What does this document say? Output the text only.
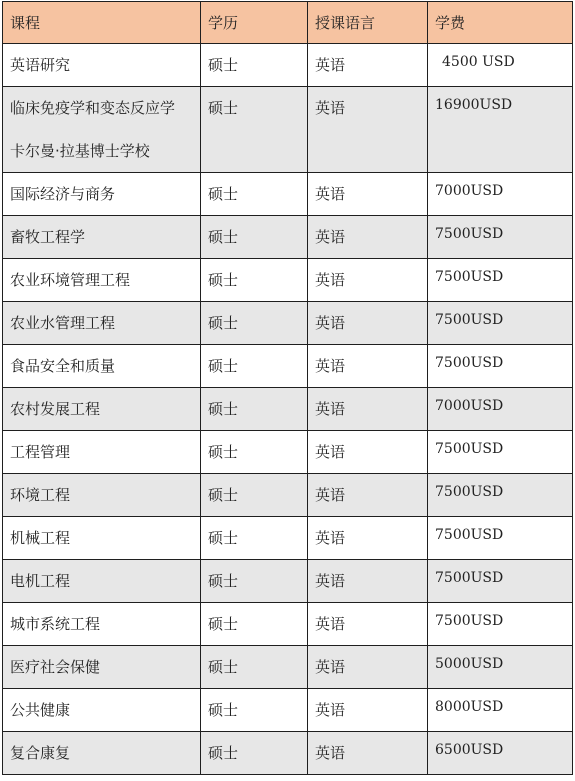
课程	学历	授课语言	学费
英语研究	硕士	英语	4500 USD
临床免疫学和变态反应学
卡尔曼·拉基博士学校	硕士	英语	16900USD
国际经济与商务	硕士	英语	7000USD
畜牧工程学	硕士	英语	7500USD
农业环境管理工程	硕士	英语	7500USD
农业水管理工程	硕士	英语	7500USD
食品安全和质量	硕士	英语	7500USD
农村发展工程	硕士	英语	7000USD
工程管理	硕士	英语	7500USD
环境工程	硕士	英语	7500USD
机械工程	硕士	英语	7500USD
电机工程	硕士	英语	7500USD
城市系统工程	硕士	英语	7500USD
医疗社会保健	硕士	英语	5000USD
公共健康	硕士	英语	8000USD
复合康复	硕士	英语	6500USD
